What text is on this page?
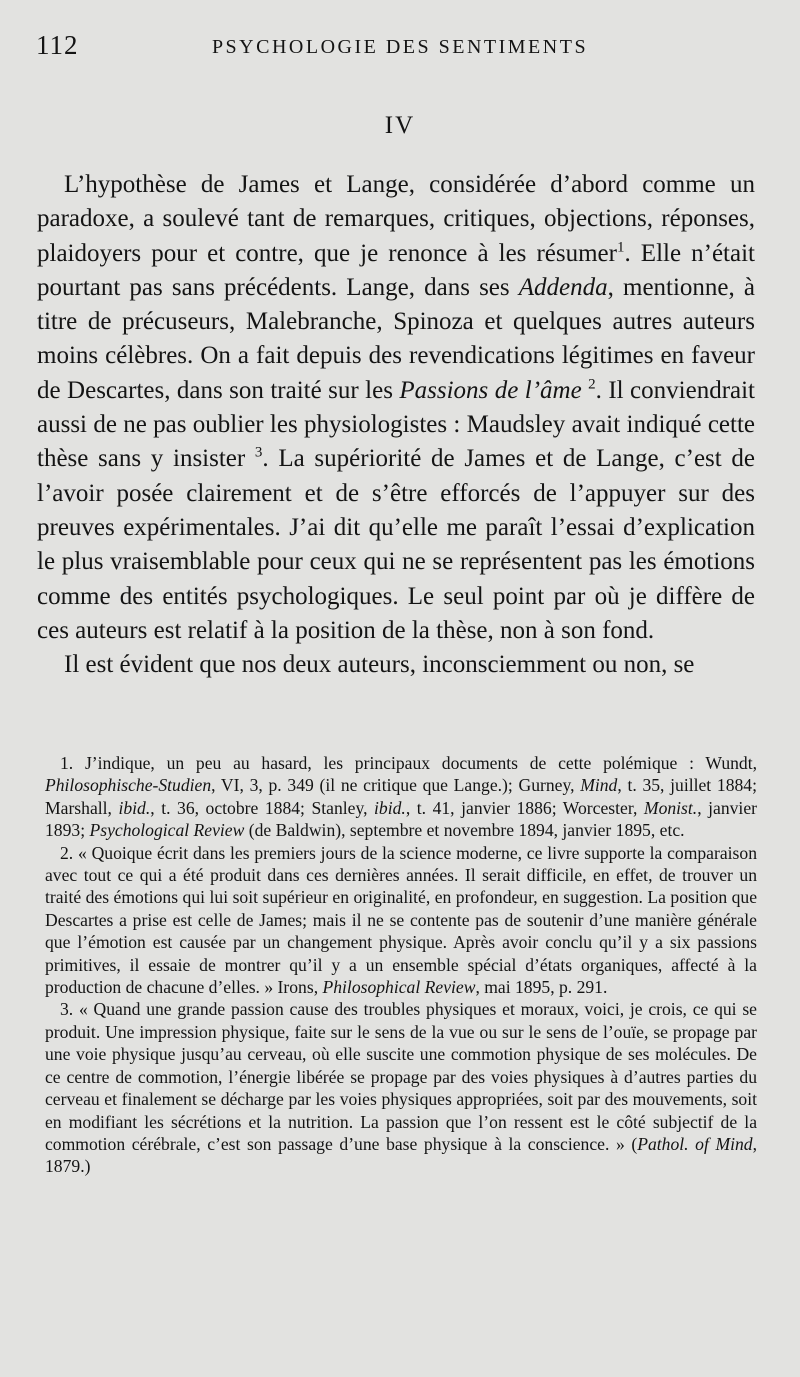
112	PSYCHOLOGIE DES SENTIMENTS
IV

L’hypothèse de James et Lange, considérée d’abord comme un paradoxe, a soulevé tant de remarques, critiques, objections, réponses, plaidoyers pour et contre, que je renonce à les résumer$^1$. Elle n’était pourtant pas sans précédents. Lange, dans ses Addenda, mentionne, à titre de précuseurs, Malebranche, Spinoza et quelques autres auteurs moins célèbres. On a fait depuis des revendications légitimes en faveur de Descartes, dans son traité sur les Passions de l’âme $^2$. Il conviendrait aussi de ne pas oublier les physiologistes : Maudsley avait indiqué cette thèse sans y insister $^3$. La supériorité de James et de Lange, c’est de l’avoir posée clairement et de s’être efforcés de l’appuyer sur des preuves expérimentales. J’ai dit qu’elle me paraît l’essai d’explication le plus vraisemblable pour ceux qui ne se représentent pas les émotions comme des entités psychologiques. Le seul point par où je diffère de ces auteurs est relatif à la position de la thèse, non à son fond.

Il est évident que nos deux auteurs, inconsciemment ou non, se

1. J’indique, un peu au hasard, les principaux documents de cette polémique : Wundt, Philosophische-Studien, VI, 3, p. 349 (il ne critique que Lange.); Gurney, Mind, t. 35, juillet 1884; Marshall, ibid., t. 36, octobre 1884; Stanley, ibid., t. 41, janvier 1886; Worcester, Monist., janvier 1893; Psychological Review (de Baldwin), septembre et novembre 1894, janvier 1895, etc.

2. « Quoique écrit dans les premiers jours de la science moderne, ce livre supporte la comparaison avec tout ce qui a été produit dans ces dernières années. Il serait difficile, en effet, de trouver un traité des émotions qui lui soit supérieur en originalité, en profondeur, en suggestion. La position que Descartes a prise est celle de James; mais il ne se contente pas de soutenir d’une manière générale que l’émotion est causée par un changement physique. Après avoir conclu qu’il y a six passions primitives, il essaie de montrer qu’il y a un ensemble spécial d’états organiques, affecté à la production de chacune d’elles. » Irons, Philosophical Review, mai 1895, p. 291.

3. « Quand une grande passion cause des troubles physiques et moraux, voici, je crois, ce qui se produit. Une impression physique, faite sur le sens de la vue ou sur le sens de l’ouïe, se propage par une voie physique jusqu’au cerveau, où elle suscite une commotion physique de ses molécules. De ce centre de commotion, l’énergie libérée se propage par des voies physiques à d’autres parties du cerveau et finalement se décharge par les voies physiques appropriées, soit par des mouvements, soit en modifiant les sécrétions et la nutrition. La passion que l’on ressent est le côté subjectif de la commotion cérébrale, c’est son passage d’une base physique à la conscience. » (Pathol. of Mind, 1879.)
